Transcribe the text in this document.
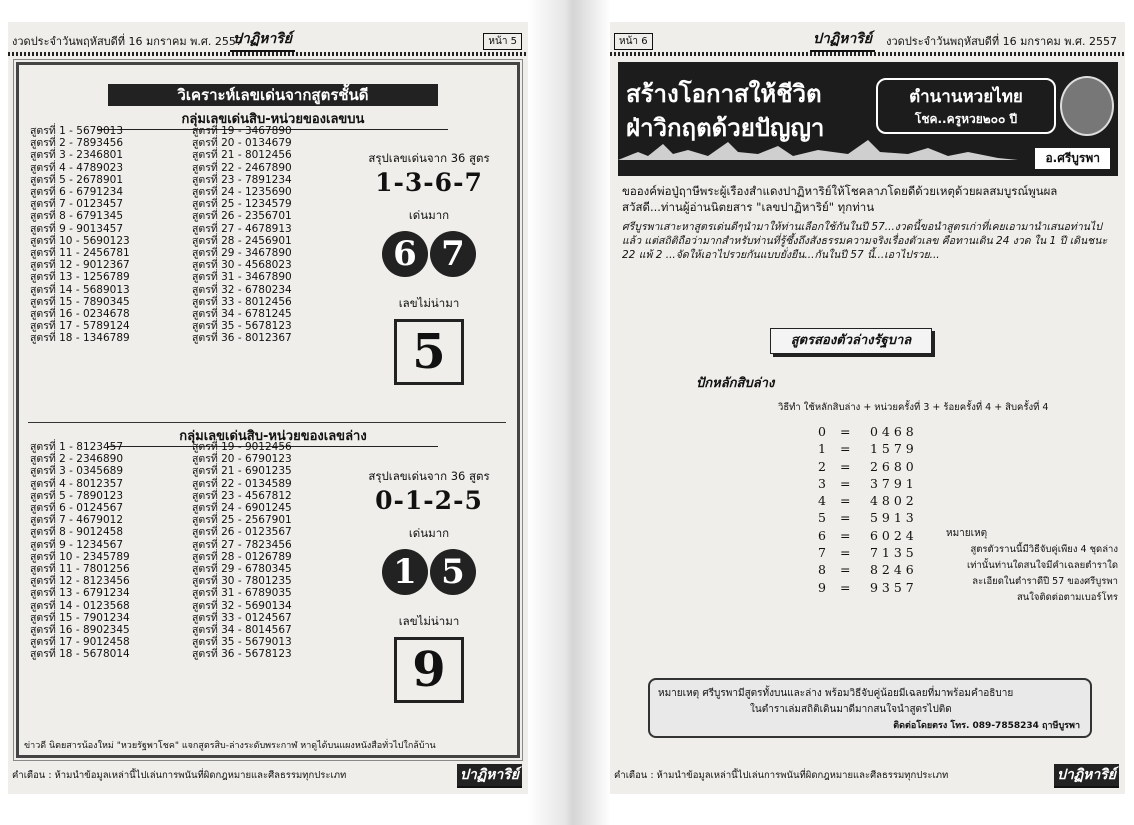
งวดประจำวันพฤหัสบดีที่ 16 มกราคม พ.ศ. 2557
ปาฏิหาริย์	หน้า 5
วิเคราะห์เลขเด่นจากสูตรชั้นดี
กลุ่มเลขเด่นสิบ-หน่วยของเลขบน
สูตรที่ 1 - 5679013
สูตรที่ 2 - 7893456
สูตรที่ 3 - 2346801
สูตรที่ 4 - 4789023
สูตรที่ 5 - 2678901
สูตรที่ 6 - 6791234
สูตรที่ 7 - 0123457
สูตรที่ 8 - 6791345
สูตรที่ 9 - 9013457
สูตรที่ 10 - 5690123
สูตรที่ 11 - 2456781
สูตรที่ 12 - 9012367
สูตรที่ 13 - 1256789
สูตรที่ 14 - 5689013
สูตรที่ 15 - 7890345
สูตรที่ 16 - 0234678
สูตรที่ 17 - 5789124
สูตรที่ 18 - 1346789
สูตรที่ 19 - 3467890
สูตรที่ 20 - 0134679
สูตรที่ 21 - 8012456
สูตรที่ 22 - 2467890
สูตรที่ 23 - 7891234
สูตรที่ 24 - 1235690
สูตรที่ 25 - 1234579
สูตรที่ 26 - 2356701
สูตรที่ 27 - 4678913
สูตรที่ 28 - 2456901
สูตรที่ 29 - 3467890
สูตรที่ 30 - 4568023
สูตรที่ 31 - 3467890
สูตรที่ 32 - 6780234
สูตรที่ 33 - 8012456
สูตรที่ 34 - 6781245
สูตรที่ 35 - 5678123
สูตรที่ 36 - 8012367
สรุปเลขเด่นจาก 36 สูตร
1-3-6-7
เด่นมาก
6 7
เลขไม่น่ามา
5
กลุ่มเลขเด่นสิบ-หน่วยของเลขล่าง
สูตรที่ 1 - 8123457
สูตรที่ 2 - 2346890
สูตรที่ 3 - 0345689
สูตรที่ 4 - 8012357
สูตรที่ 5 - 7890123
สูตรที่ 6 - 0124567
สูตรที่ 7 - 4679012
สูตรที่ 8 - 9012458
สูตรที่ 9 - 1234567
สูตรที่ 10 - 2345789
สูตรที่ 11 - 7801256
สูตรที่ 12 - 8123456
สูตรที่ 13 - 6791234
สูตรที่ 14 - 0123568
สูตรที่ 15 - 7901234
สูตรที่ 16 - 8902345
สูตรที่ 17 - 9012458
สูตรที่ 18 - 5678014
สูตรที่ 19 - 9012456
สูตรที่ 20 - 6790123
สูตรที่ 21 - 6901235
สูตรที่ 22 - 0134589
สูตรที่ 23 - 4567812
สูตรที่ 24 - 6901245
สูตรที่ 25 - 2567901
สูตรที่ 26 - 0123567
สูตรที่ 27 - 7823456
สูตรที่ 28 - 0126789
สูตรที่ 29 - 6780345
สูตรที่ 30 - 7801235
สูตรที่ 31 - 6789035
สูตรที่ 32 - 5690134
สูตรที่ 33 - 0124567
สูตรที่ 34 - 8014567
สูตรที่ 35 - 5679013
สูตรที่ 36 - 5678123
สรุปเลขเด่นจาก 36 สูตร
0-1-2-5
เด่นมาก
1 5
เลขไม่น่ามา
9
ข่าวดี นิตยสารน้องใหม่ "หวยรัฐพาโชค" แจกสูตรสิบ-ล่างระดับพระกาฬ หาดูได้บนแผงหนังสือทั่วไปใกล้บ้าน
คำเตือน : ห้ามนำข้อมูลเหล่านี้ไปเล่นการพนันที่ผิดกฎหมายและศีลธรรมทุกประเภท	ปาฏิหาริย์
หน้า 6	ปาฏิหาริย์ งวดประจำวันพฤหัสบดีที่ 16 มกราคม พ.ศ. 2557
สร้างโอกาสให้ชีวิต
ฝ่าวิกฤตด้วยปัญญา
ตำนานหวยไทย
โชค..ครูหวย๒๐๐ ปี
อ.ศรีบูรพา
ขอองค์พ่อปู่ฤาษีพระผู้เรืองสำแดงปาฏิหาริย์ให้โชคลาภโดยดีด้วยเหตุด้วยผลสมบูรณ์พูนผล
สวัสดี...ท่านผู้อ่านนิตยสาร "เลขปาฏิหาริย์" ทุกท่าน
ศรีบูรพาเสาะหาสูตรเด่นดีๆนำมาให้ท่านเลือกใช้กันในปี 57...งวดนี้ขอนำสูตรเก่าที่เคยเอามานำเสนอท่านไปแล้ว แต่สถิติถือว่ามากสำหรับท่านที่รู้ซึ้งถึงสังธรรมความจริงเรื่องตัวเลข คือทานเดิน 24 งวด ใน 1 ปี เดินชนะ 22 แพ้ 2 ...จัดให้เอาไปรวยกันแบบยั่งยืน...กันในปี 57 นี้...เอาไปรวย...
สูตรสองตัวล่างรัฐบาล
ปักหลักสิบล่าง
วิธีทำ ใช้หลักสิบล่าง + หน่วยครั้งที่ 3 + ร้อยครั้งที่ 4 + สิบครั้งที่ 4
0 = 0 4 6 8
1 = 1 5 7 9
2 = 2 6 8 0
3 = 3 7 9 1
4 = 4 8 0 2
5 = 5 9 1 3
6 = 6 0 2 4
7 = 7 1 3 5
8 = 8 2 4 6
9 = 9 3 5 7
หมายเหตุ
สูตรตัวรานนี้มีวิธีจับคู่เพียง 4 ชุดล่าง
เท่านั้นท่านใดสนใจมีคำเฉลยตำราใด
ละเอียดในตำราดีปี 57 ของศรีบูรพา
สนใจติดต่อตามเบอร์โทร
หมายเหตุ ศรีบูรพามีสูตรทั้งบนและล่าง พร้อมวิธีจับคู่น้อยมีเฉลยที่มาพร้อมคำอธิบาย
ในตำราเล่มสถิติเดินมาดีมากสนใจนำสูตรไปติด
ติดต่อโดยตรง โทร. 089-7858234 ฤาษีบูรพา
คำเตือน : ห้ามนำข้อมูลเหล่านี้ไปเล่นการพนันที่ผิดกฎหมายและศีลธรรมทุกประเภท	ปาฏิหาริย์
